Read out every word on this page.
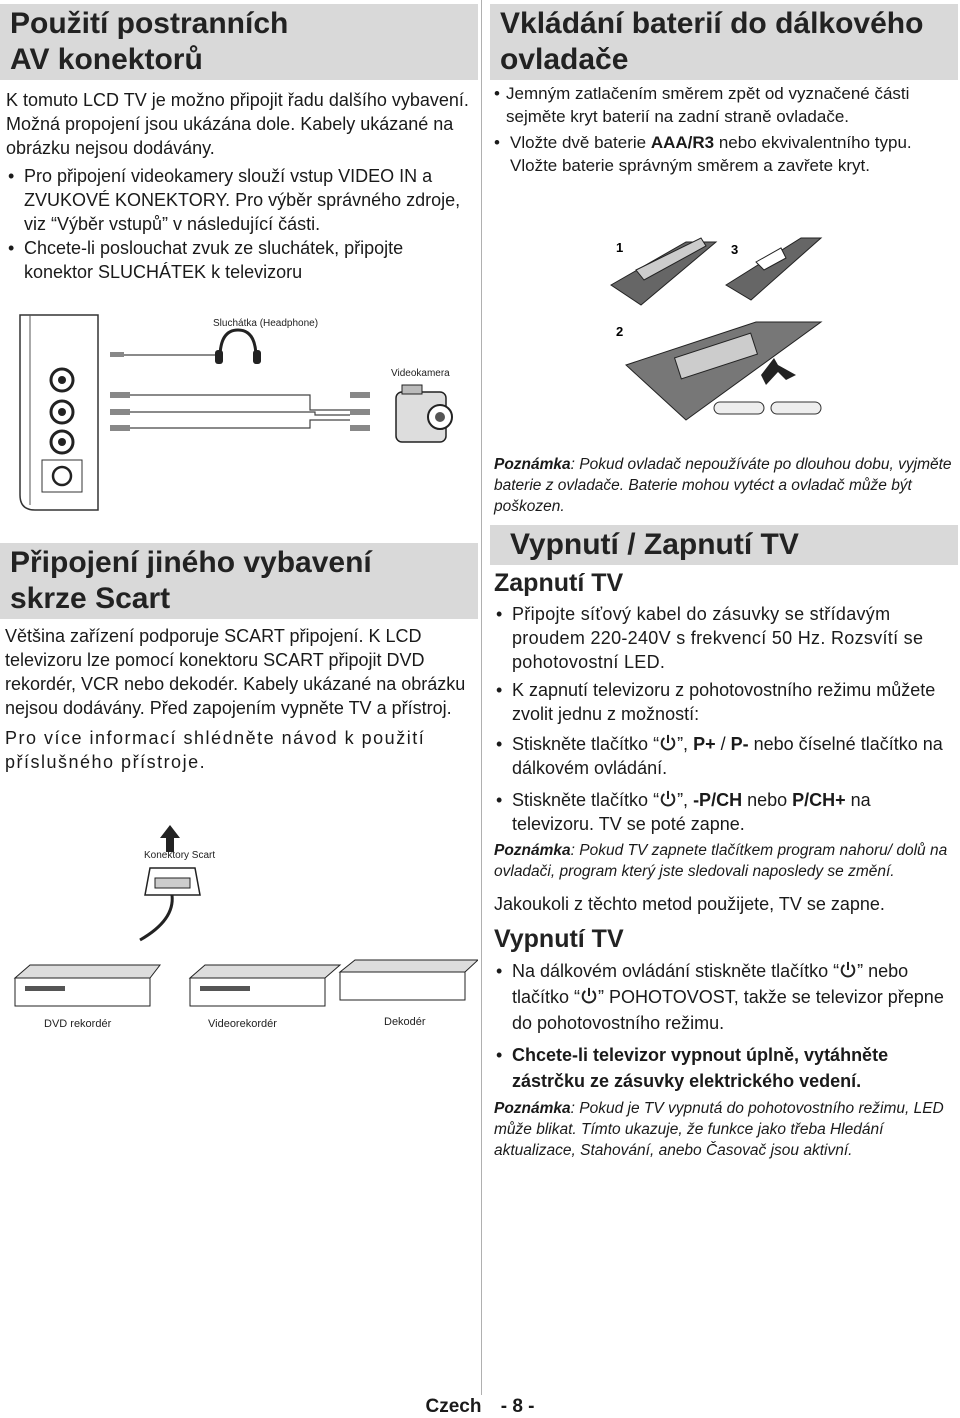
Použití postranních AV konektorů

K tomuto LCD TV je možno připojit řadu dalšího vybavení. Možná propojení jsou ukázána dole. Kabely ukázané na obrázku nejsou dodávány.

• Pro připojení videokamery slouží vstup VIDEO IN a ZVUKOVÉ KONEKTORY. Pro výběr správného zdroje, viz “Výběr vstupů” v následující části.
• Chcete-li poslouchat zvuk ze sluchátek, připojte konektor SLUCHÁTEK k televizoru
Sluchátka (Headphone)
Videokamera
Připojení jiného vybavení skrze Scart

Většina zařízení podporuje SCART připojení. K LCD televizoru lze pomocí konektoru SCART připojit DVD rekordér, VCR nebo dekodér. Kabely ukázané na obrázku nejsou dodávány. Před zapojením vypněte TV a přístroj.

Pro více informací shlédněte návod k použití příslušného přístroje.

Konektory Scart
DVD rekordér	Videorekordér	Dekodér
Vkládání baterií do dálkového ovladače
• Jemným zatlačením směrem zpět od vyznačené části sejměte kryt baterií na zadní straně ovladače.
• Vložte dvě baterie AAA/R3 nebo ekvivalentního typu. Vložte baterie správným směrem a zavřete kryt.
1
2
3

Poznámka: Pokud ovladač nepoužíváte po dlouhou dobu, vyjměte baterie z ovladače. Baterie mohou vytéct a ovladač může být poškozen.

Vypnutí / Zapnutí TV
Zapnutí TV
• Připojte síťový kabel do zásuvky se střídavým proudem 220-240V s frekvencí 50 Hz. Rozsvítí se pohotovostní LED.
• K zapnutí televizoru z pohotovostního režimu můžete zvolit jednu z možností:
• Stiskněte tlačítko “ ”, P+ / P- nebo číselné tlačítko na dálkovém ovládání.
• Stiskněte tlačítko “ ”, -P/CH nebo P/CH+ na televizoru. TV se poté zapne.

Poznámka: Pokud TV zapnete tlačítkem program nahoru/ dolů na ovladači, program který jste sledovali naposledy se změní.

Jakoukoli z těchto metod použijete, TV se zapne.

Vypnutí TV
• Na dálkovém ovládání stiskněte tlačítko “ ” nebo tlačítko “ ” POHOTOVOST, takže se televizor přepne do pohotovostního režimu.
• Chcete-li televizor vypnout úplně, vytáhněte zástrčku ze zásuvky elektrického vedení.

Poznámka: Pokud je TV vypnutá do pohotovostního režimu, LED může blikat. Tímto ukazuje, že funkce jako třeba Hledání aktualizace, Stahování, anebo Časovač jsou aktivní.

Czech - 8 -
